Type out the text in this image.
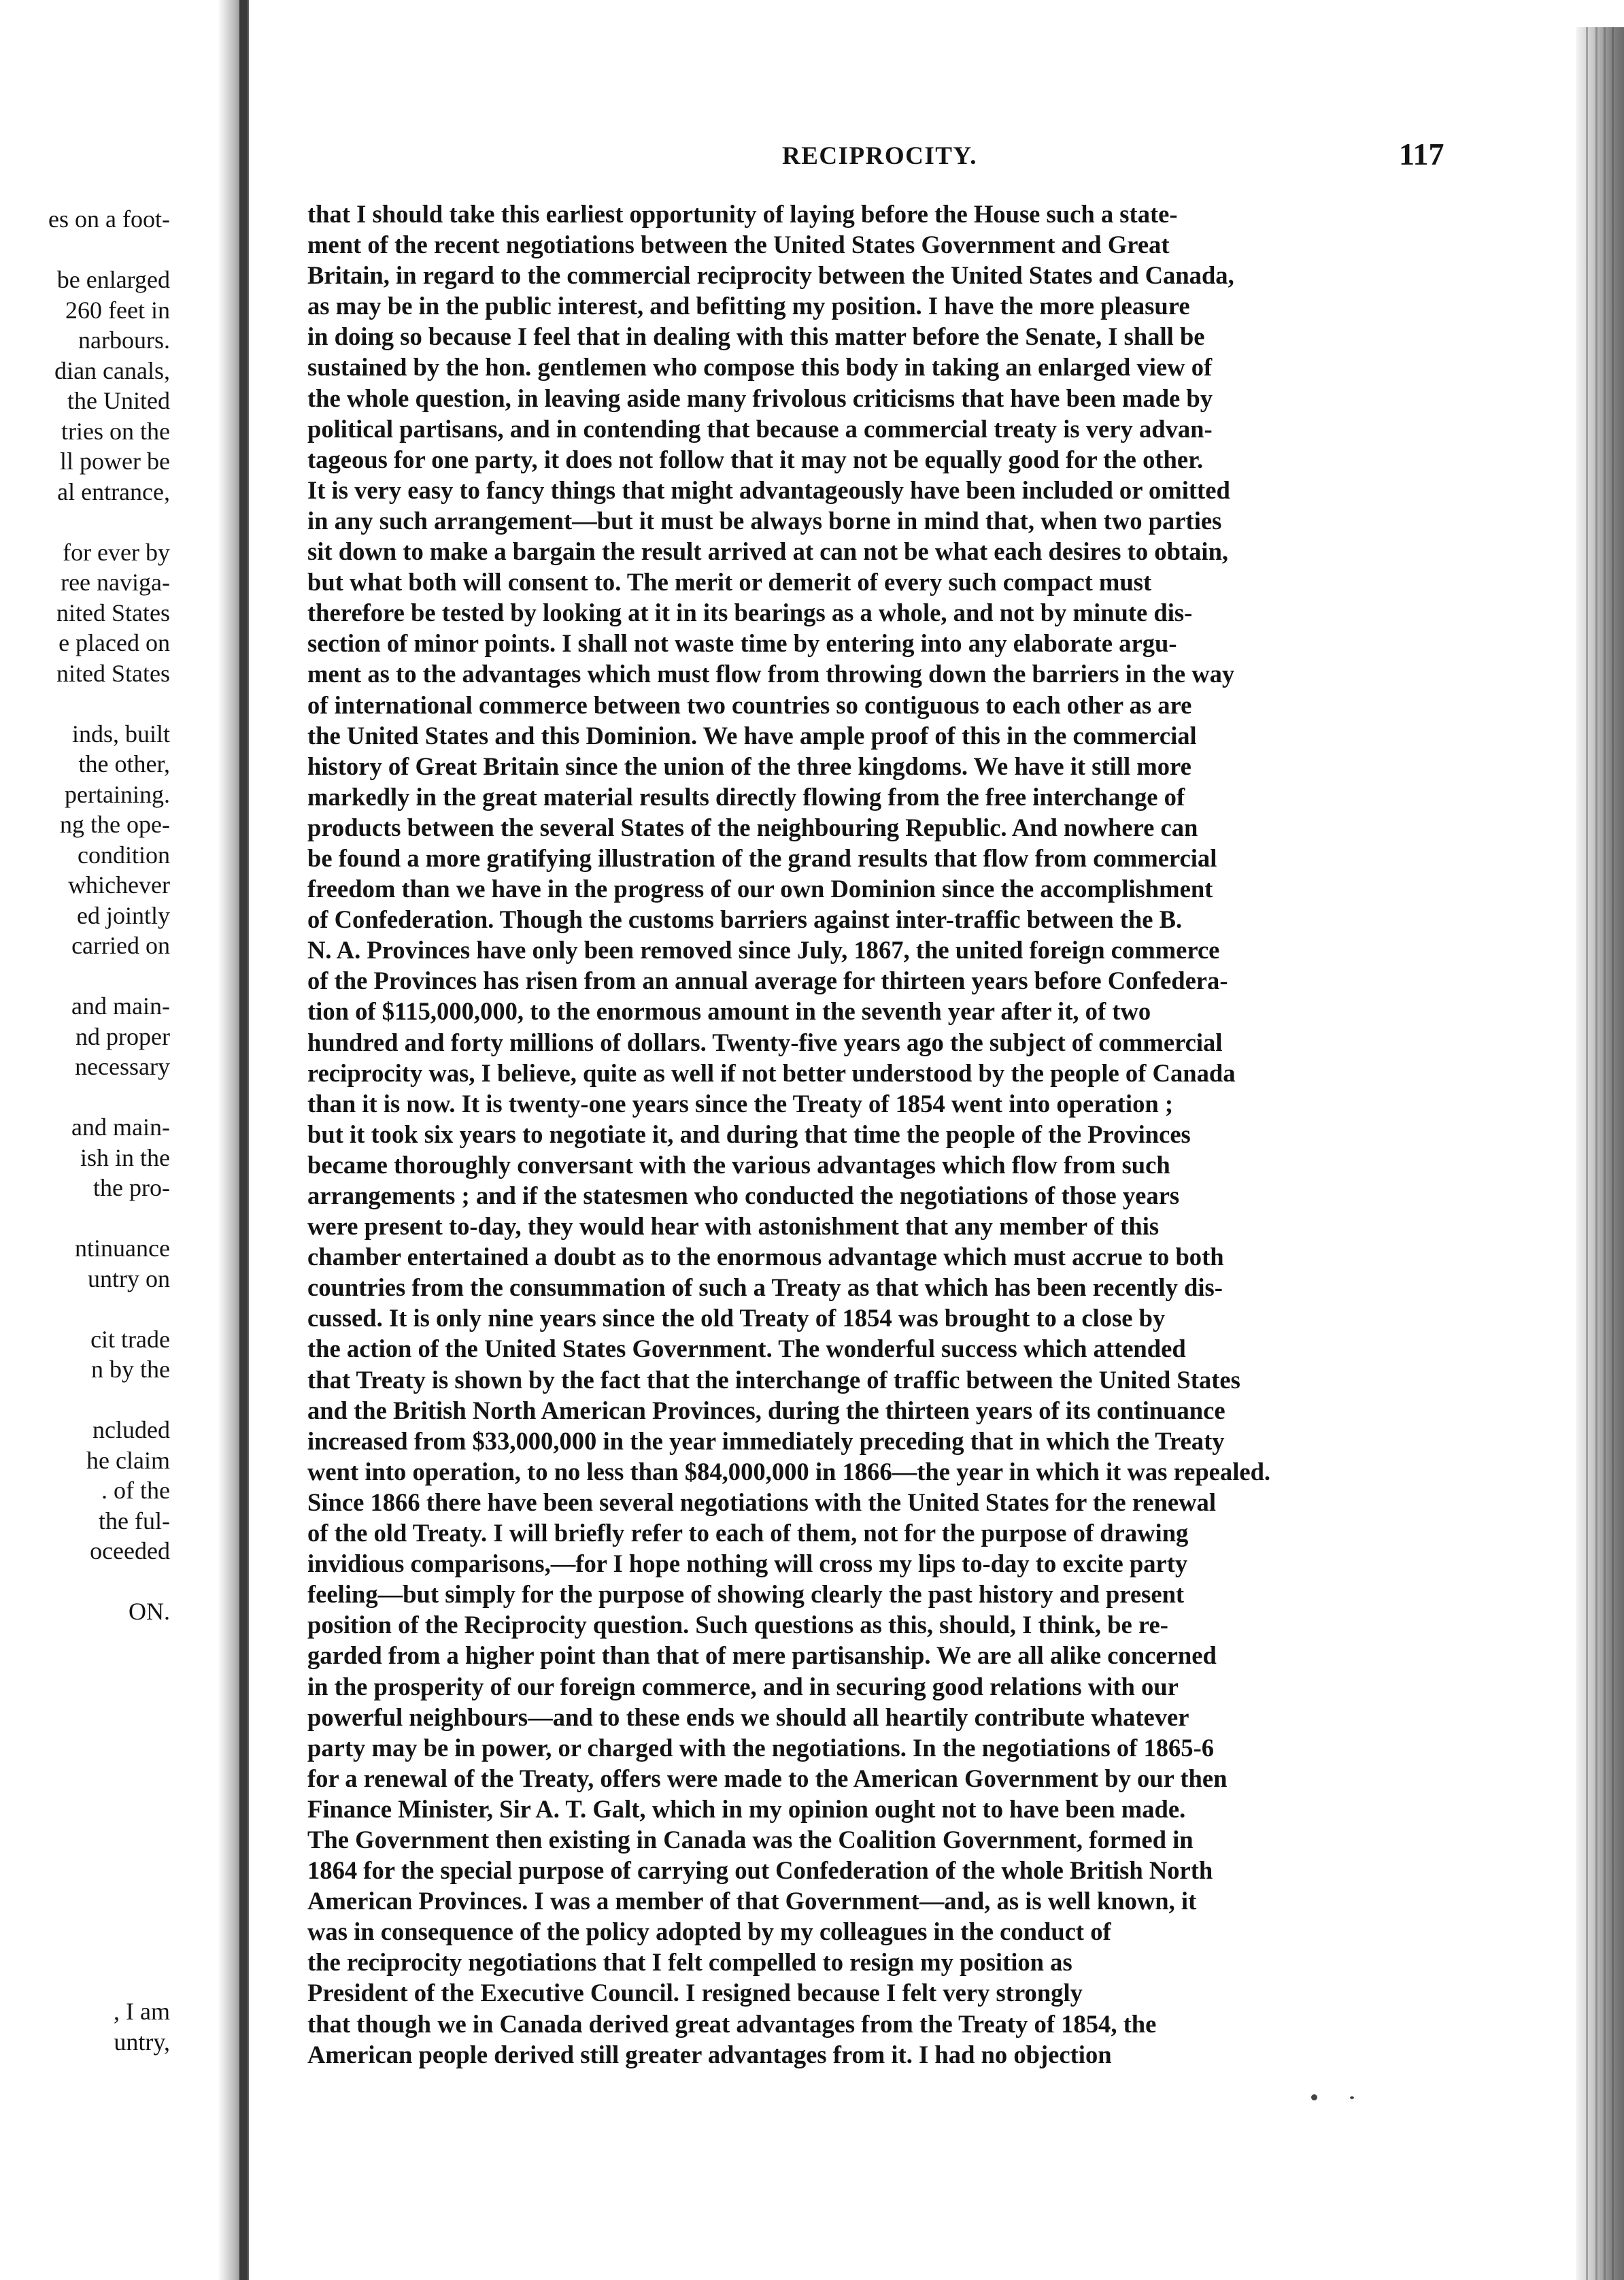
es on a foot-
be enlarged
260 feet in
narbours.
dian canals,
the United
tries on the
ll power be
al entrance,
for ever by
ree naviga-
nited States
e placed on
nited States
inds, built
the other,
pertaining.
ng the ope-
condition
whichever
ed jointly
carried on
and main-
nd proper
necessary
and main-
ish in the
the pro-
ntinuance
untry on
cit trade
n by the
ncluded
he claim
. of the
the ful-
oceeded
ON.
, I am
untry,
RECIPROCITY.	117
that I should take this earliest opportunity of laying before the House such a state-
ment of the recent negotiations between the United States Government and Great
Britain, in regard to the commercial reciprocity between the United States and Canada,
as may be in the public interest, and befitting my position. I have the more pleasure
in doing so because I feel that in dealing with this matter before the Senate, I shall be
sustained by the hon. gentlemen who compose this body in taking an enlarged view of
the whole question, in leaving aside many frivolous criticisms that have been made by
political partisans, and in contending that because a commercial treaty is very advan-
tageous for one party, it does not follow that it may not be equally good for the other.
It is very easy to fancy things that might advantageously have been included or omitted
in any such arrangement—but it must be always borne in mind that, when two parties
sit down to make a bargain the result arrived at can not be what each desires to obtain,
but what both will consent to. The merit or demerit of every such compact must
therefore be tested by looking at it in its bearings as a whole, and not by minute dis-
section of minor points. I shall not waste time by entering into any elaborate argu-
ment as to the advantages which must flow from throwing down the barriers in the way
of international commerce between two countries so contiguous to each other as are
the United States and this Dominion. We have ample proof of this in the commercial
history of Great Britain since the union of the three kingdoms. We have it still more
markedly in the great material results directly flowing from the free interchange of
products between the several States of the neighbouring Republic. And nowhere can
be found a more gratifying illustration of the grand results that flow from commercial
freedom than we have in the progress of our own Dominion since the accomplishment
of Confederation. Though the customs barriers against inter-traffic between the B.
N. A. Provinces have only been removed since July, 1867, the united foreign commerce
of the Provinces has risen from an annual average for thirteen years before Confedera-
tion of $115,000,000, to the enormous amount in the seventh year after it, of two
hundred and forty millions of dollars. Twenty-five years ago the subject of commercial
reciprocity was, I believe, quite as well if not better understood by the people of Canada
than it is now. It is twenty-one years since the Treaty of 1854 went into operation ;
but it took six years to negotiate it, and during that time the people of the Provinces
became thoroughly conversant with the various advantages which flow from such
arrangements ; and if the statesmen who conducted the negotiations of those years
were present to-day, they would hear with astonishment that any member of this
chamber entertained a doubt as to the enormous advantage which must accrue to both
countries from the consummation of such a Treaty as that which has been recently dis-
cussed. It is only nine years since the old Treaty of 1854 was brought to a close by
the action of the United States Government. The wonderful success which attended
that Treaty is shown by the fact that the interchange of traffic between the United States
and the British North American Provinces, during the thirteen years of its continuance
increased from $33,000,000 in the year immediately preceding that in which the Treaty
went into operation, to no less than $84,000,000 in 1866—the year in which it was repealed.
Since 1866 there have been several negotiations with the United States for the renewal
of the old Treaty. I will briefly refer to each of them, not for the purpose of drawing
invidious comparisons,—for I hope nothing will cross my lips to-day to excite party
feeling—but simply for the purpose of showing clearly the past history and present
position of the Reciprocity question. Such questions as this, should, I think, be re-
garded from a higher point than that of mere partisanship. We are all alike concerned
in the prosperity of our foreign commerce, and in securing good relations with our
powerful neighbours—and to these ends we should all heartily contribute whatever
party may be in power, or charged with the negotiations. In the negotiations of 1865-6
for a renewal of the Treaty, offers were made to the American Government by our then
Finance Minister, Sir A. T. Galt, which in my opinion ought not to have been made.
The Government then existing in Canada was the Coalition Government, formed in
1864 for the special purpose of carrying out Confederation of the whole British North
American Provinces. I was a member of that Government—and, as is well known, it
was in consequence of the policy adopted by my colleagues in the conduct of
the reciprocity negotiations that I felt compelled to resign my position as
President of the Executive Council. I resigned because I felt very strongly
that though we in Canada derived great advantages from the Treaty of 1854, the
American people derived still greater advantages from it. I had no objection
